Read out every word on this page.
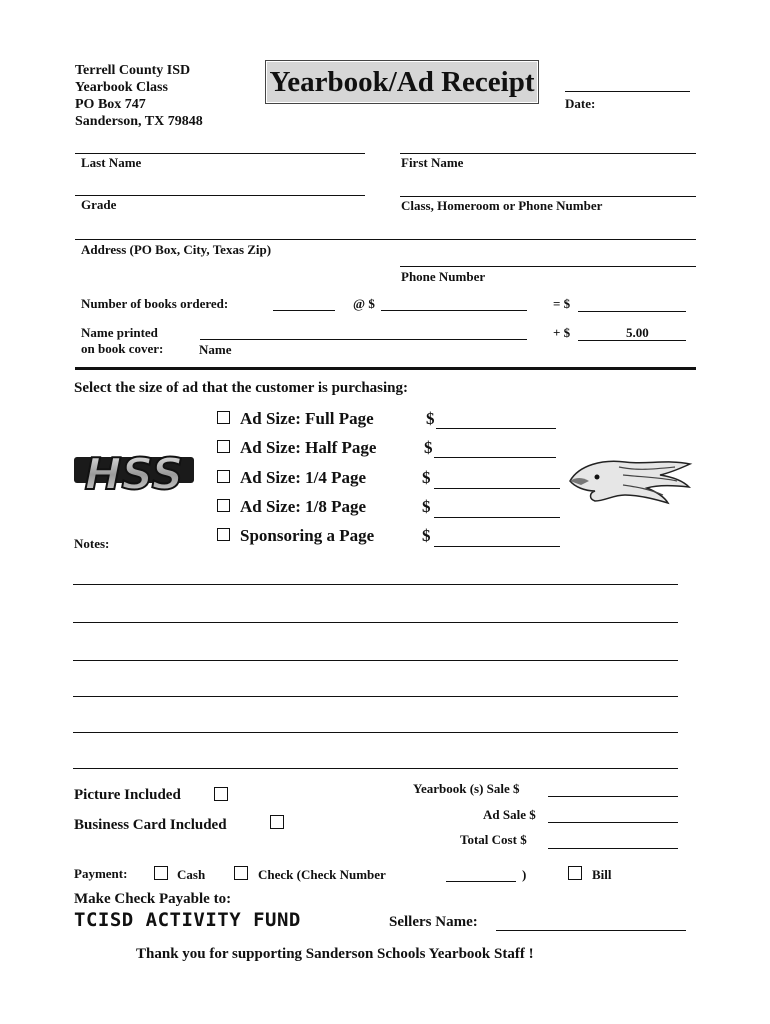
Terrell County ISD
Yearbook Class
PO Box 747
Sanderson, TX 79848
Yearbook/Ad Receipt
Date:
Last Name	First Name
Grade	Class, Homeroom or Phone Number
Address (PO Box, City, Texas Zip)
Phone Number
Number of books ordered:	@ $	= $
Name printed
on book cover:	Name
+ $	5.00
Select the size of ad that the customer is purchasing:
HSS
Ad Size: Full Page	$
Ad Size: Half Page	$
Ad Size: 1/4 Page	$
Ad Size: 1/8 Page	$
Sponsoring a Page	$
Notes:
Picture Included
Business Card Included
Yearbook (s) Sale $
Ad Sale $
Total Cost $
Payment:	Cash	Check (Check Number	)	Bill
Make Check Payable to:
TCISD ACTIVITY FUND	Sellers Name:
Thank you for supporting Sanderson Schools Yearbook Staff !
